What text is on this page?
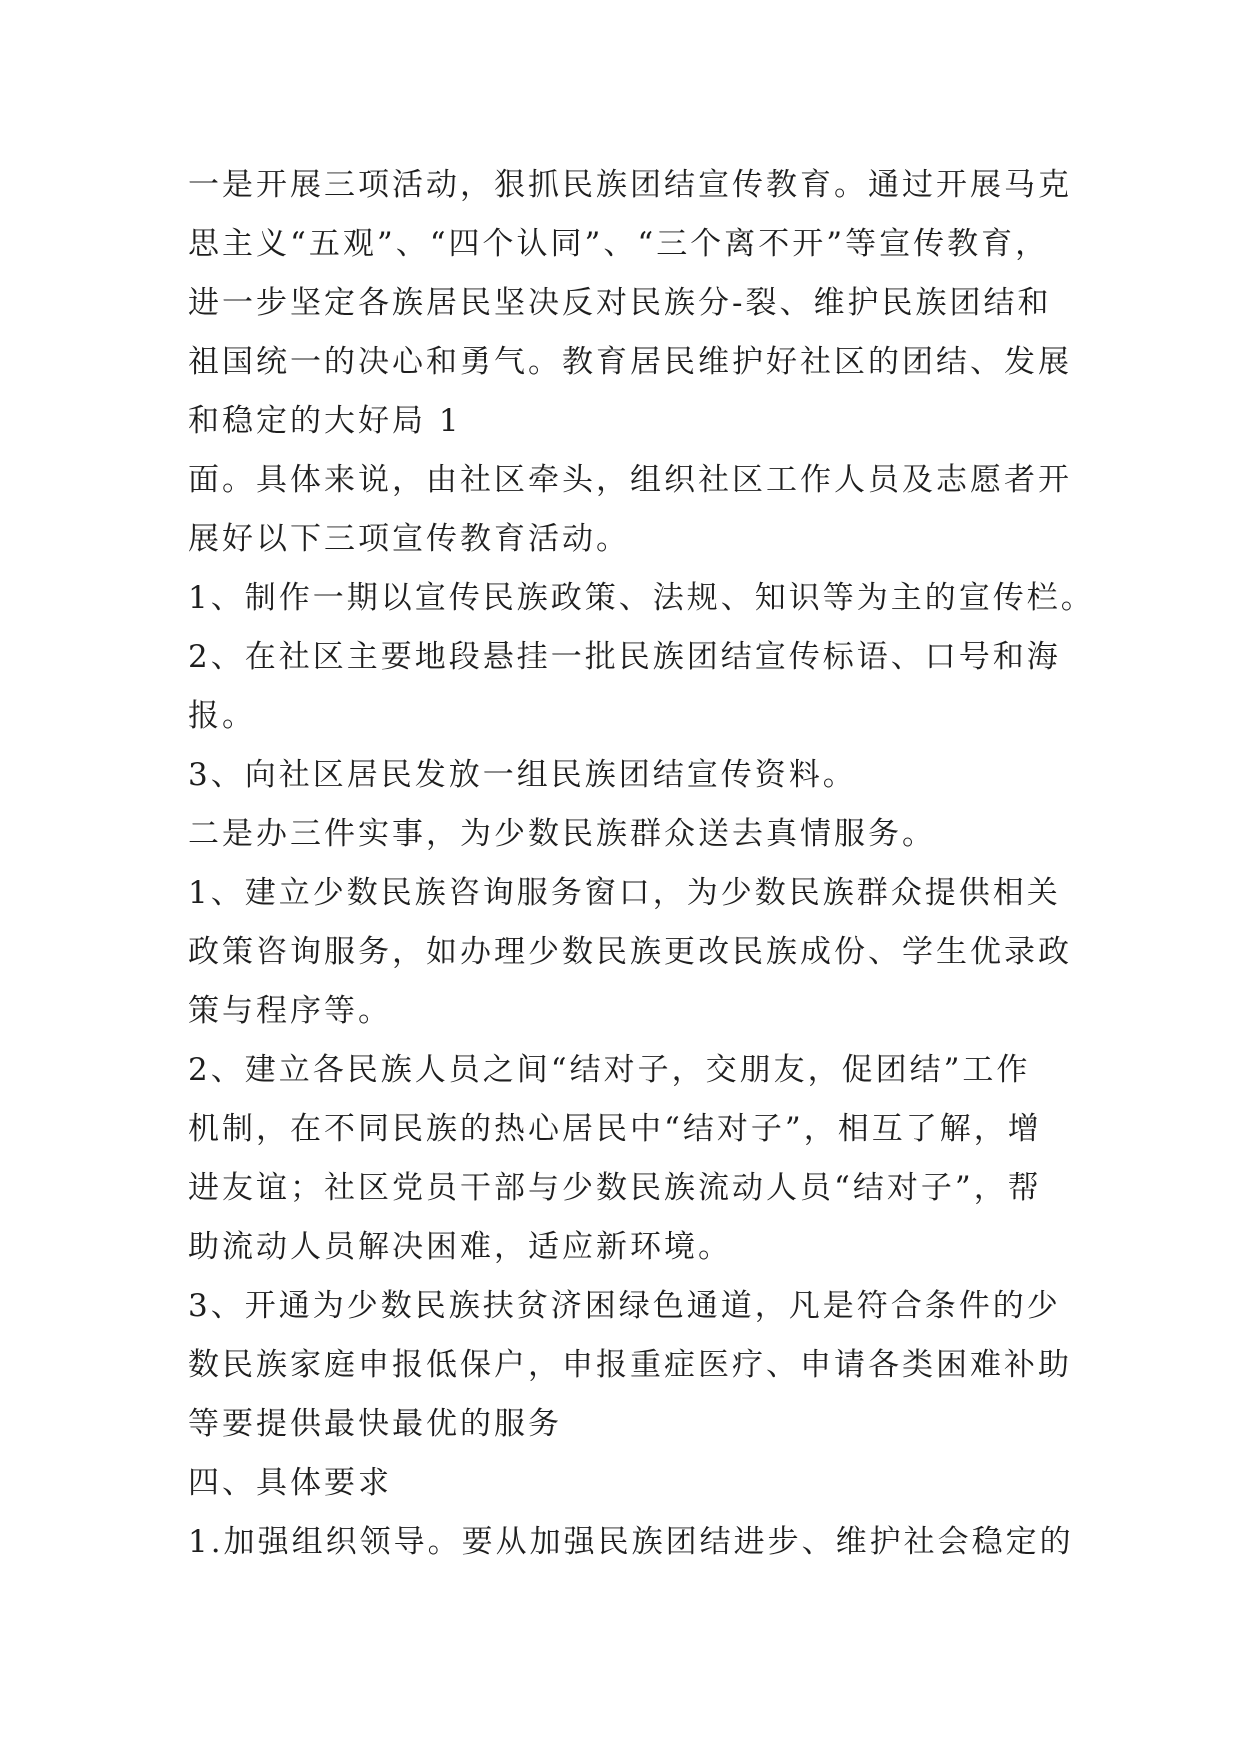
一是开展三项活动，狠抓民族团结宣传教育。通过开展马克
思主义“五观”、“四个认同”、“三个离不开”等宣传教育，
进一步坚定各族居民坚决反对民族分-裂、维护民族团结和
祖国统一的决心和勇气。教育居民维护好社区的团结、发展
和稳定的大好局 1
面。具体来说，由社区牵头，组织社区工作人员及志愿者开
展好以下三项宣传教育活动。
1、制作一期以宣传民族政策、法规、知识等为主的宣传栏。
2、在社区主要地段悬挂一批民族团结宣传标语、口号和海
报。
3、向社区居民发放一组民族团结宣传资料。
二是办三件实事，为少数民族群众送去真情服务。
1、建立少数民族咨询服务窗口，为少数民族群众提供相关
政策咨询服务，如办理少数民族更改民族成份、学生优录政
策与程序等。
2、建立各民族人员之间“结对子，交朋友，促团结”工作
机制，在不同民族的热心居民中“结对子”，相互了解，增
进友谊；社区党员干部与少数民族流动人员“结对子”，帮
助流动人员解决困难，适应新环境。
3、开通为少数民族扶贫济困绿色通道，凡是符合条件的少
数民族家庭申报低保户，申报重症医疗、申请各类困难补助
等要提供最快最优的服务
四、具体要求
1.加强组织领导。要从加强民族团结进步、维护社会稳定的
